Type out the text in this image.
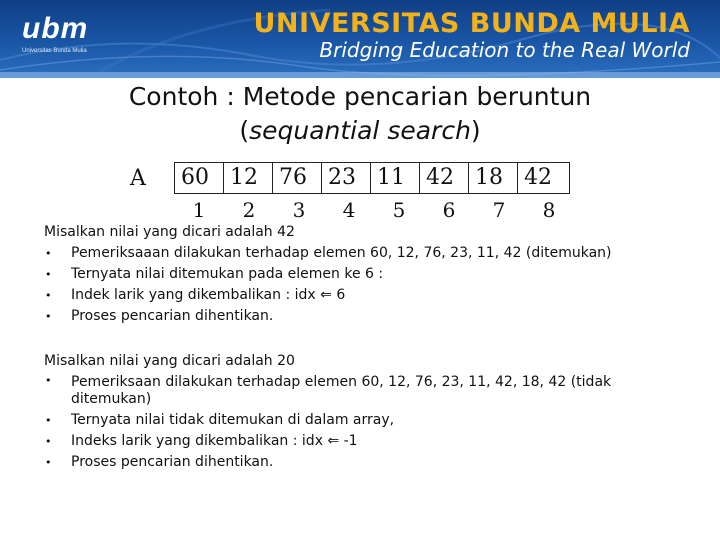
ubm
Universitas Bunda Mulia
UNIVERSITAS BUNDA MULIA
Bridging Education to the Real World
Contoh : Metode pencarian beruntun
(sequantial search)
A 60 12 76 23 11 42 18 42
1	2	3	4	5	6	7	8
Misalkan nilai yang dicari adalah 42
• Pemeriksaaan dilakukan terhadap elemen 60, 12, 76, 23, 11, 42 (ditemukan)
• Ternyata nilai ditemukan pada elemen ke 6 :
• Indek larik yang dikembalikan : idx ⇐ 6
• Proses pencarian dihentikan.
Misalkan nilai yang dicari adalah 20
• Pemeriksaan dilakukan terhadap elemen 60, 12, 76, 23, 11, 42, 18, 42 (tidak ditemukan)
• Ternyata nilai tidak ditemukan di dalam array,
• Indeks larik yang dikembalikan : idx ⇐ -1
• Proses pencarian dihentikan.
